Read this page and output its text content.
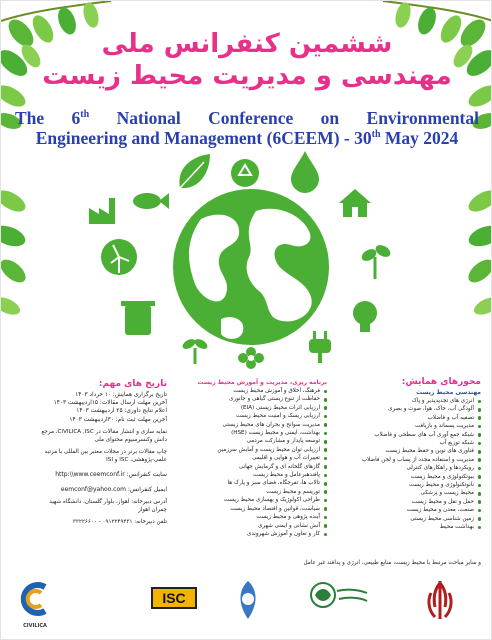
ششمین کنفرانس ملی
مهندسی و مدیریت محیط زیست
The 6th National Conference on Environmental
Engineering and Management (6CEEM) - 30th May 2024
محورهای همایش:
مهندسی محیط زیست
انرژی های تجدیدپذیر و پاک
آلودگی آب، خاک، هوا، صوت و بصری
تصفیه آب و فاضلاب
مدیریت پسماند و بازیافت
شبکه جمع آوری آب های سطحی و فاضلاب
شبکه توزیع آب
فناوری های نوین و حفظ محیط زیست
مدیریت و استفاده مجدد از پساب و لجن فاضلاب
رویکردها و راهکارهای کنترلی
بیوتکنولوژی و محیط زیست
نانوتکنولوژی و محیط زیست
محیط زیست و پزشکی
حمل و نقل و محیط زیست
صنعت، معدن و محیط زیست
زمین شناسی محیط زیستی
بهداشت محیط
برنامه ریزی، مدیریت و آموزش محیط زیست
فرهنگ، اخلاق و آموزش محیط زیست
حفاظت از تنوع زیستی گیاهی و جانوری
ارزیابی اثرات محیط زیستی (EIA)
ارزیابی ریسک و امنیت محیط زیست
مدیریت سوانح و بحران های محیط زیستی
بهداشت، ایمنی و محیط زیست (HSE)
توسعه پایدار و مشارکت مردمی
ارزیابی توان محیط زیست و آمایش سرزمین
تغییرات آب و هوایی و اقلیمی
گازهای گلخانه ای و گرمایش جهانی
پافندهبرعامل و محیط زیست
تالاب ها، تفرجگاه، فضای سبز و پارک ها
توریسم و محیط زیست
طراحی اکولوژیک و بهسازی محیط زیست
سیاست، قوانین و اقتصاد محیط زیست
آینده پژوهی و محیط زیست
آتش نشانی و ایمنی شهری
کار و تعاون و آموزش شهروندی
تاریخ های مهم:
تاریخ برگزاری همایش: ۱۰ خرداد ۱۴۰۳
آخرین مهلت ارسال مقالات: ۱۵اردیبهشت ۱۴۰۳
اعلام نتایج داوری: ۲۵ اردیبهشت ۱۴۰۳
آخرین مهلت ثبت نام: ۳۰اردیبهشت ۱۴۰۳
نمایه سازی و انتشار مقالات در CIVILICA ,ISC، مرجع
دانش وکنسرسیوم محتوای ملی
چاپ مقالات برتر در مجلات معتبر بین المللی با مرتبه
علمی-پژوهشی، ISC و ISI
سایت کنفرانس: http:\\www.ceemconf.ir
ایمیل کنفرانس: eemconf@yahoo.com
آدرس دبیرخانه: اهواز، بلوار گلستان، دانشگاه شهید
چمران اهواز
تلفن دبیرخانه: ۰۹۱۲۲۴۹۴۳۱ - ۳۳۲۲۶۶۰۰
و سایر مباحث مرتبط با محیط زیست، منابع طبیعی، انرژی و پدافند غیر عامل
CIVILICA
ISC
